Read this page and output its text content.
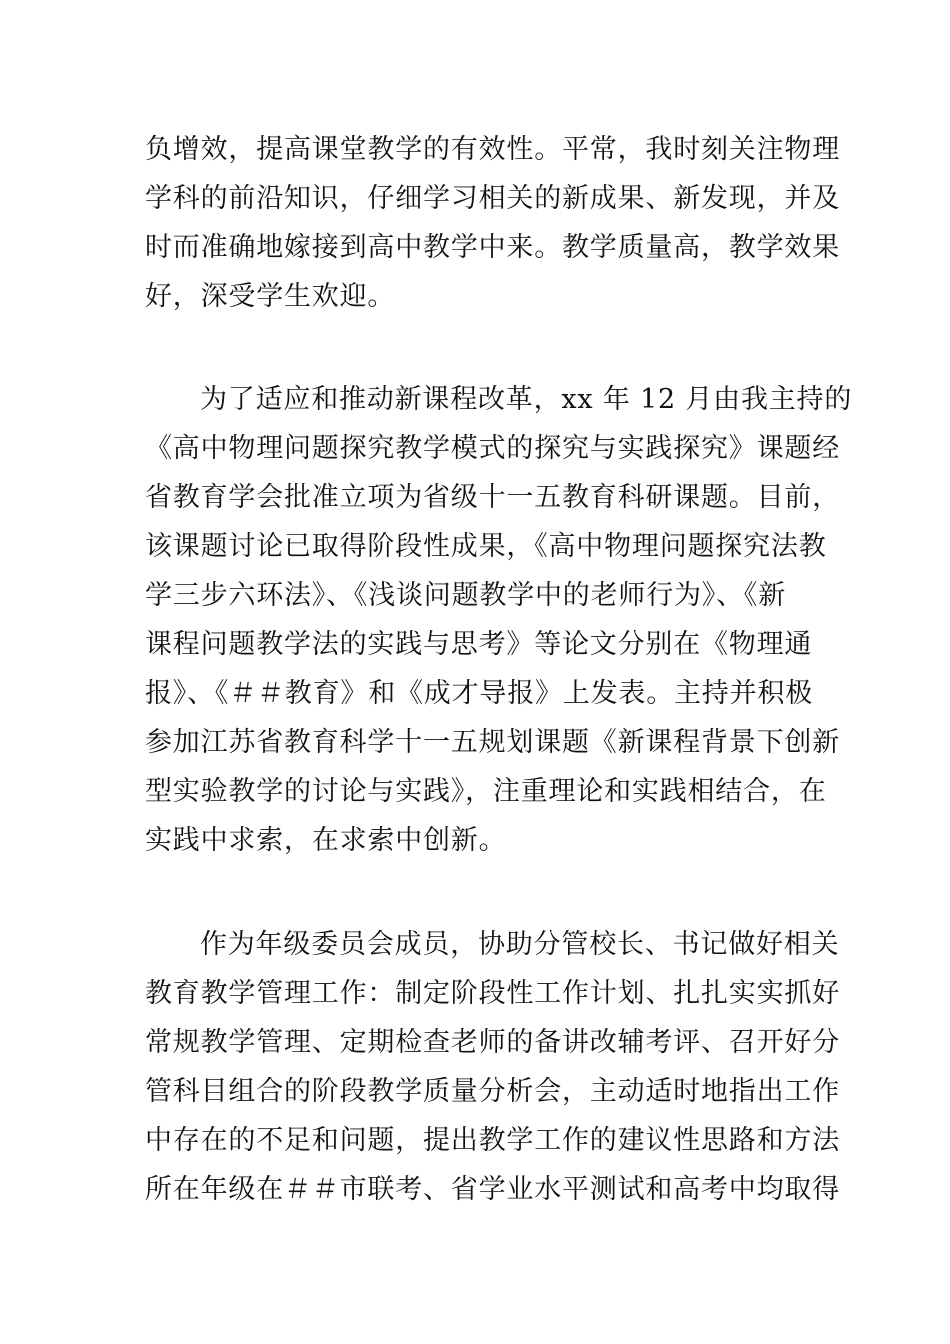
负增效，提高课堂教学的有效性。平常，我时刻关注物理
学科的前沿知识，仔细学习相关的新成果、新发现，并及
时而准确地嫁接到高中教学中来。教学质量高，教学效果
好，深受学生欢迎。
为了适应和推动新课程改革，xx 年 12 月由我主持的
《高中物理问题探究教学模式的探究与实践探究》课题经
省教育学会批准立项为省级十一五教育科研课题。目前，
该课题讨论已取得阶段性成果，《高中物理问题探究法教
学三步六环法》、《浅谈问题教学中的老师行为》、《新
课程问题教学法的实践与思考》等论文分别在《物理通
报》、《＃＃教育》和《成才导报》上发表。主持并积极
参加江苏省教育科学十一五规划课题《新课程背景下创新
型实验教学的讨论与实践》，注重理论和实践相结合，在
实践中求索，在求索中创新。
作为年级委员会成员，协助分管校长、书记做好相关
教育教学管理工作：制定阶段性工作计划、扎扎实实抓好
常规教学管理、定期检查老师的备讲改辅考评、召开好分
管科目组合的阶段教学质量分析会，主动适时地指出工作
中存在的不足和问题，提出教学工作的建议性思路和方法
所在年级在＃＃市联考、省学业水平测试和高考中均取得
